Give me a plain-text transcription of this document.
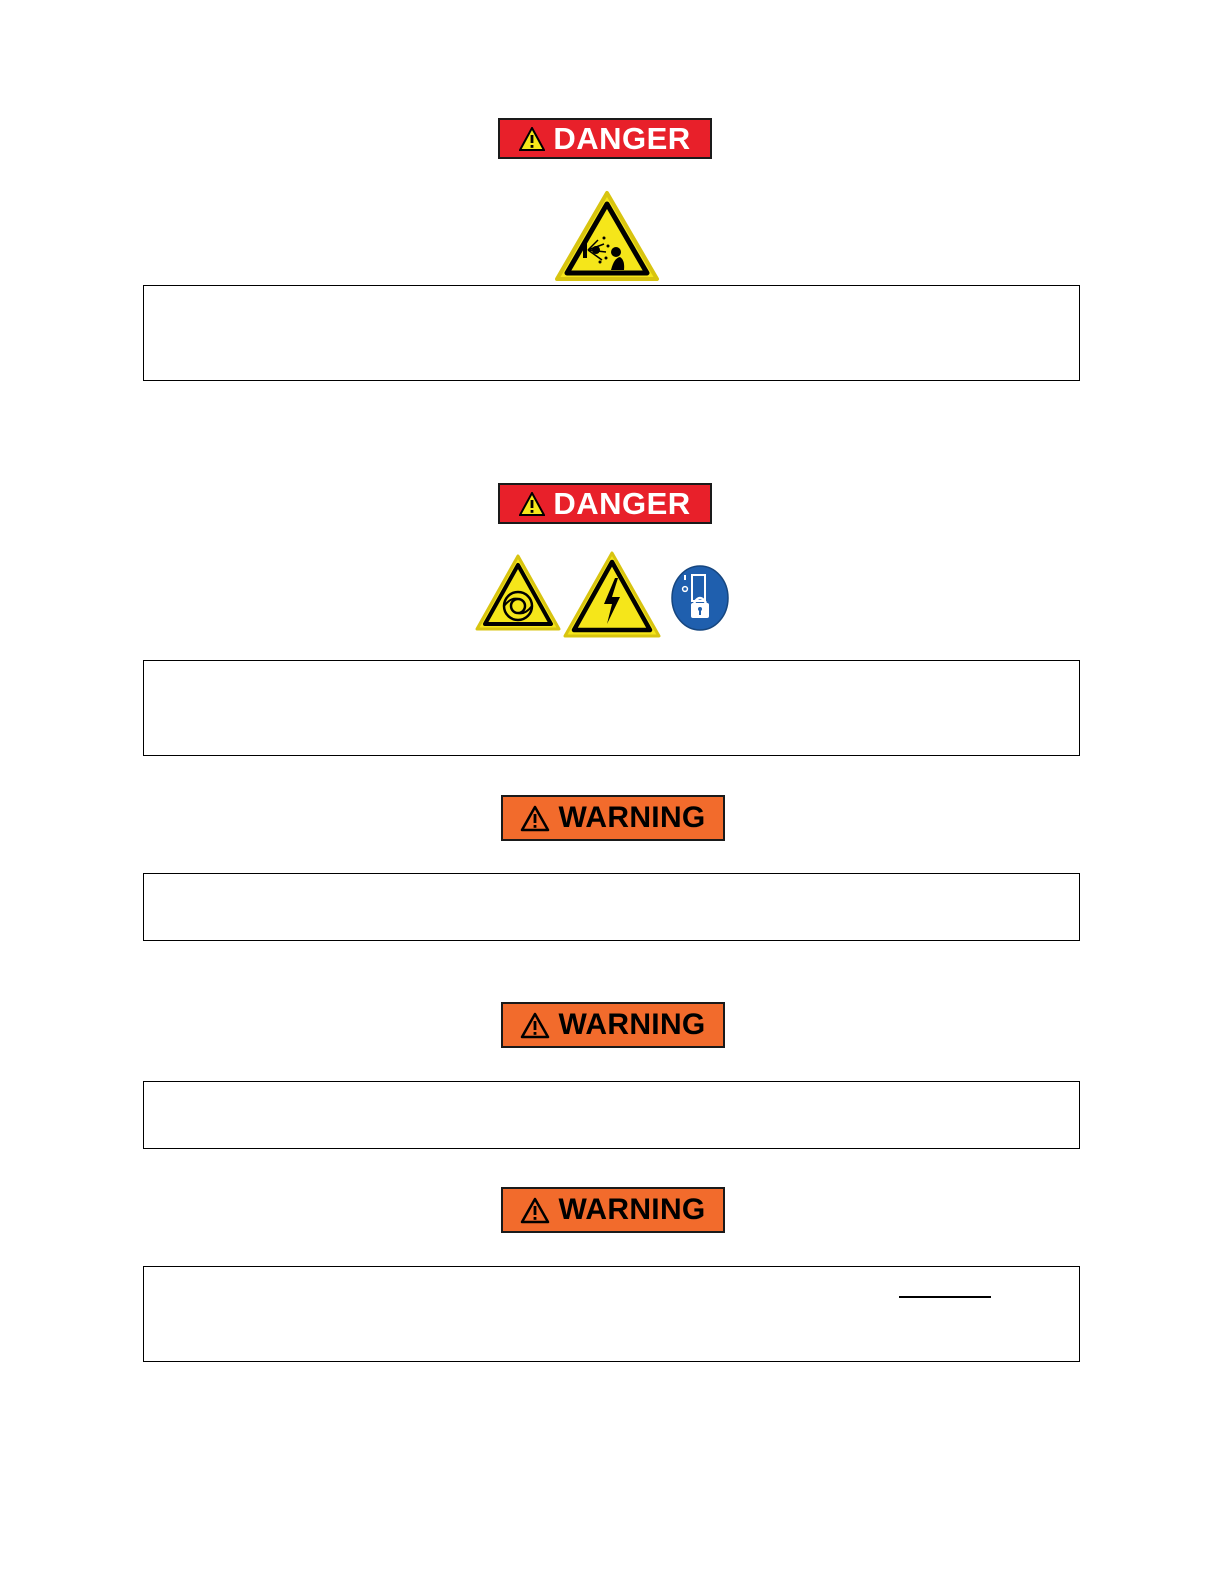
DANGER
DANGER
WARNING
WARNING
WARNING
